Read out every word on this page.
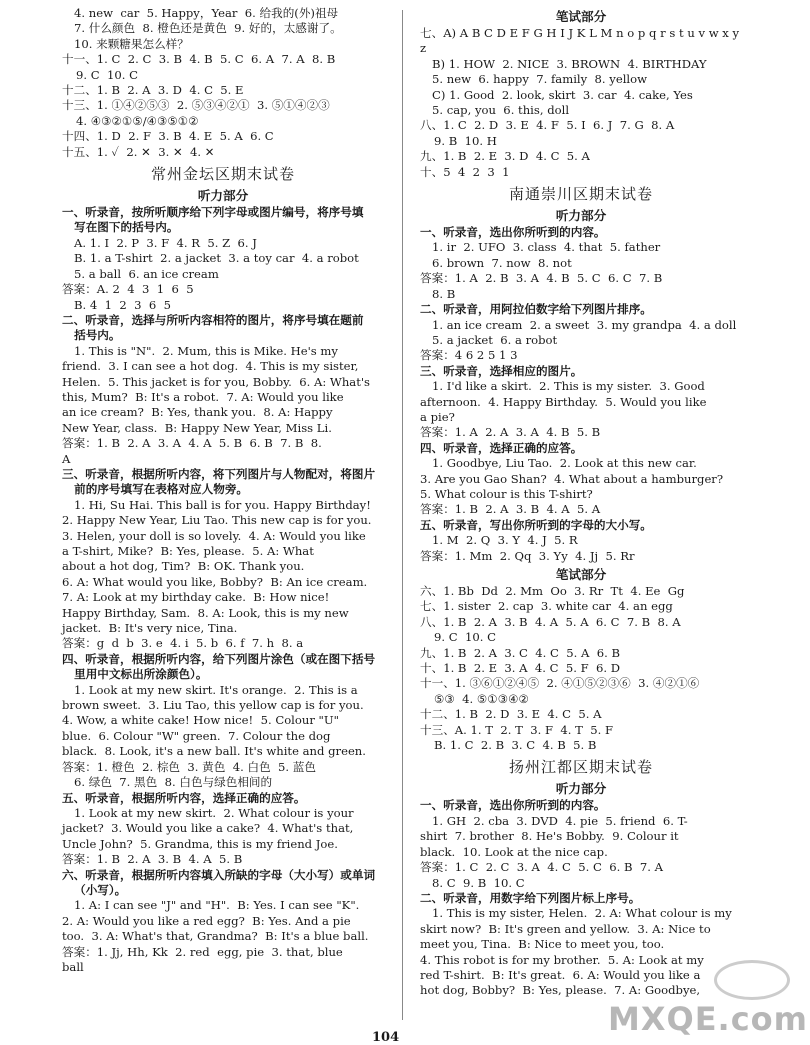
4. new  car  5. Happy，Year  6. 给我的(外)祖母
7. 什么颜色  8. 橙色还是黄色  9. 好的，太感谢了。
10. 来颗糖果怎么样？
十一、1. C  2. C  3. B  4. B  5. C  6. A  7. A  8. B
9. C  10. C
十二、1. B  2. A  3. D  4. C  5. E
十三、1. ①④②⑤③  2. ⑤③④②①  3. ⑤①④②③
4. ④③②①⑤/④③⑤①②
十四、1. D  2. F  3. B  4. E  5. A  6. C
十五、1. ✓  2. ✕  3. ✕  4. ✕
常州金坛区期末试卷
听力部分
一、听录音，按所听顺序给下列字母或图片编号，将序号填
写在图下的括号内。
A. 1. I  2. P  3. F  4. R  5. Z  6. J
B. 1. a T-shirt  2. a jacket  3. a toy car  4. a robot
5. a ball  6. an ice cream
答案：A. 2  4  3  1  6  5
B. 4  1  2  3  6  5
二、听录音，选择与所听内容相符的图片，将序号填在题前
括号内。
1. This is "N".  2. Mum, this is Mike. He's my
friend.  3. I can see a hot dog.  4. This is my sister,
Helen.  5. This jacket is for you, Bobby.  6. A: What's
this, Mum?  B: It's a robot.  7. A: Would you like
an ice cream?  B: Yes, thank you.  8. A: Happy
New Year, class.  B: Happy New Year, Miss Li.
答案：1. B  2. A  3. A  4. A  5. B  6. B  7. B  8.
A
三、听录音，根据所听内容，将下列图片与人物配对，将图片
前的序号填写在表格对应人物旁。
1. Hi, Su Hai. This ball is for you. Happy Birthday!
2. Happy New Year, Liu Tao. This new cap is for you.
3. Helen, your doll is so lovely.  4. A: Would you like
a T-shirt, Mike?  B: Yes, please.  5. A: What
about a hot dog, Tim?  B: OK. Thank you.
6. A: What would you like, Bobby?  B: An ice cream.
7. A: Look at my birthday cake.  B: How nice!
Happy Birthday, Sam.  8. A: Look, this is my new
jacket.  B: It's very nice, Tina.
答案：g  d  b  3. e  4. i  5. b  6. f  7. h  8. a
四、听录音，根据所听内容，给下列图片涂色（或在图下括号
里用中文标出所涂颜色）。
1. Look at my new skirt. It's orange.  2. This is a
brown sweet.  3. Liu Tao, this yellow cap is for you.
4. Wow, a white cake! How nice!  5. Colour "U"
blue.  6. Colour "W" green.  7. Colour the dog
black.  8. Look, it's a new ball. It's white and green.
答案：1. 橙色  2. 棕色  3. 黄色  4. 白色  5. 蓝色
6. 绿色  7. 黑色  8. 白色与绿色相间的
五、听录音，根据所听内容，选择正确的应答。
1. Look at my new skirt.  2. What colour is your
jacket?  3. Would you like a cake?  4. What's that,
Uncle John?  5. Grandma, this is my friend Joe.
答案：1. B  2. A  3. B  4. A  5. B
六、听录音，根据所听内容填入所缺的字母（大小写）或单词
（小写）。
1. A: I can see "J" and "H".  B: Yes. I can see "K".
2. A: Would you like a red egg?  B: Yes. And a pie
too.  3. A: What's that, Grandma?  B: It's a blue ball.
答案：1. Jj, Hh, Kk  2. red  egg, pie  3. that, blue
ball
笔试部分
七、A) A B C D E F G H I J K L M n o p q r s t u v w x y z
B) 1. HOW  2. NICE  3. BROWN  4. BIRTHDAY
5. new  6. happy  7. family  8. yellow
C) 1. Good  2. look, skirt  3. car  4. cake, Yes
5. cap, you  6. this, doll
八、1. C  2. D  3. E  4. F  5. I  6. J  7. G  8. A
9. B  10. H
九、1. B  2. E  3. D  4. C  5. A
十、5  4  2  3  1
南通崇川区期末试卷
听力部分
一、听录音，选出你所听到的内容。
1. ir  2. UFO  3. class  4. that  5. father
6. brown  7. now  8. not
答案：1. A  2. B  3. A  4. B  5. C  6. C  7. B
8. B
二、听录音，用阿拉伯数字给下列图片排序。
1. an ice cream  2. a sweet  3. my grandpa  4. a doll
5. a jacket  6. a robot
答案：4 6 2 5 1 3
三、听录音，选择相应的图片。
1. I'd like a skirt.  2. This is my sister.  3. Good
afternoon.  4. Happy Birthday.  5. Would you like
a pie?
答案：1. A  2. A  3. A  4. B  5. B
四、听录音，选择正确的应答。
1. Goodbye, Liu Tao.  2. Look at this new car.
3. Are you Gao Shan?  4. What about a hamburger?
5. What colour is this T-shirt?
答案：1. B  2. A  3. B  4. A  5. A
五、听录音，写出你所听到的字母的大小写。
1. M  2. Q  3. Y  4. J  5. R
答案：1. Mm  2. Qq  3. Yy  4. Jj  5. Rr
笔试部分
六、1. Bb  Dd  2. Mm  Oo  3. Rr  Tt  4. Ee  Gg
七、1. sister  2. cap  3. white car  4. an egg
八、1. B  2. A  3. B  4. A  5. A  6. C  7. B  8. A
9. C  10. C
九、1. B  2. A  3. C  4. C  5. A  6. B
十、1. B  2. E  3. A  4. C  5. F  6. D
十一、1. ③⑥①②④⑤  2. ④①⑤②③⑥  3. ④②①⑥
⑤③  4. ⑤①③④②
十二、1. B  2. D  3. E  4. C  5. A
十三、A. 1. T  2. T  3. F  4. T  5. F
B. 1. C  2. B  3. C  4. B  5. B
扬州江都区期末试卷
听力部分
一、听录音，选出你所听到的内容。
1. GH  2. cba  3. DVD  4. pie  5. friend  6. T-
shirt  7. brother  8. He's Bobby.  9. Colour it
black.  10. Look at the nice cap.
答案：1. C  2. C  3. A  4. C  5. C  6. B  7. A
8. C  9. B  10. C
二、听录音，用数字给下列图片标上序号。
1. This is my sister, Helen.  2. A: What colour is my
skirt now?  B: It's green and yellow.  3. A: Nice to
meet you, Tina.  B: Nice to meet you, too.
4. This robot is for my brother.  5. A: Look at my
red T-shirt.  B: It's great.  6. A: Would you like a
hot dog, Bobby?  B: Yes, please.  7. A: Goodbye,
104	MXQE.com
